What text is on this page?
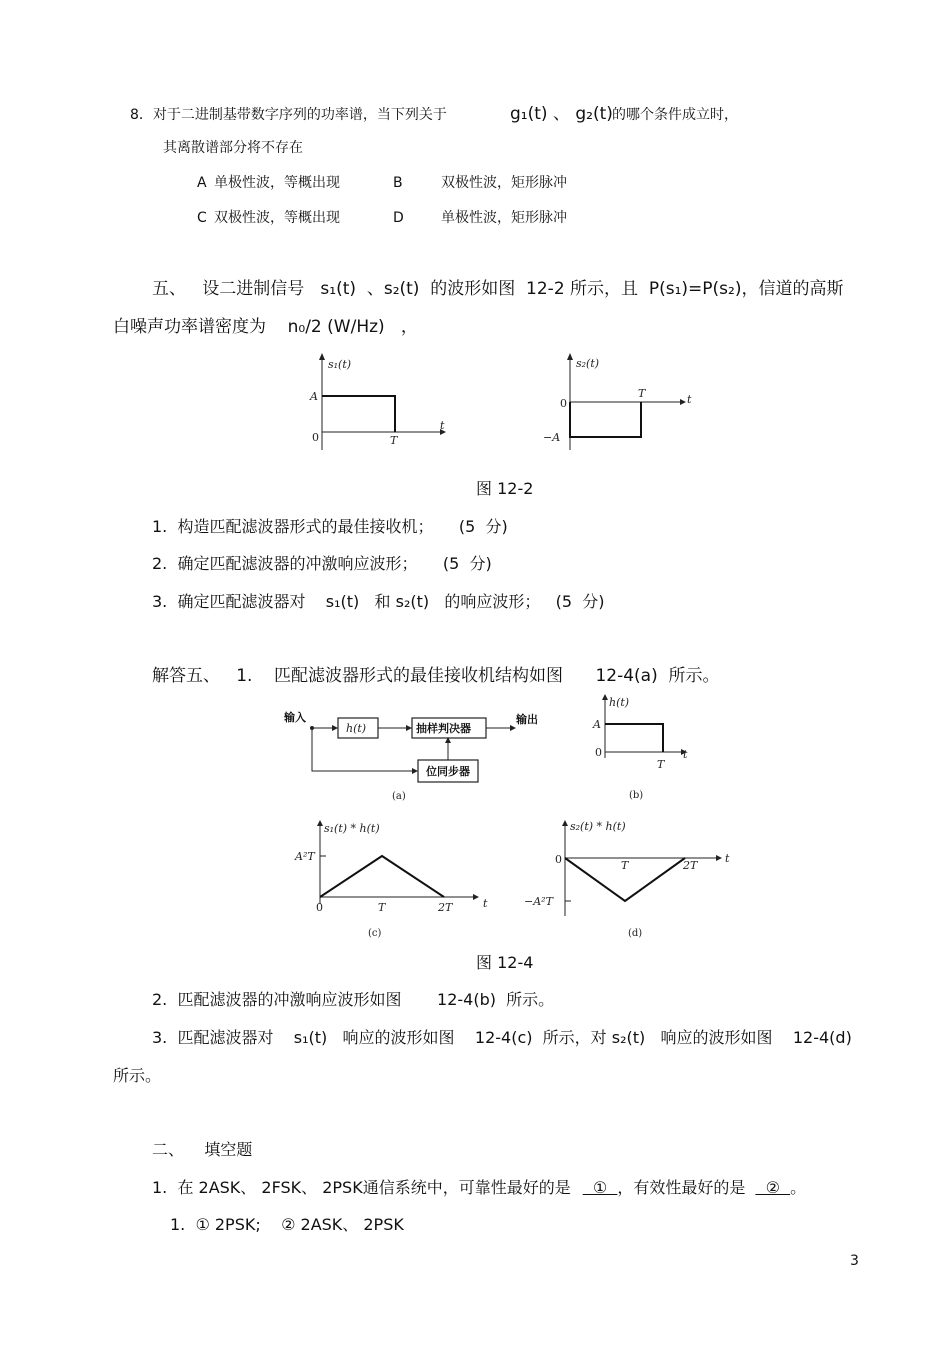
8．对于二进制基带数字序列的功率谱，当下列关于	g₁(t) 、 g₂(t) 的哪个条件成立时，
其离散谱部分将不存在
A 单极性波，等概出现	B	双极性波，矩形脉冲
C 双极性波，等概出现	D	单极性波，矩形脉冲
五、   设二进制信号   s₁(t)  、s₂(t)  的波形如图  12-2 所示，且  P(s₁)=P(s₂)，信道的高斯
白噪声功率谱密度为    n₀/2 (W/Hz)   ，
s₁(t)
A
0	T
t
s₂(t)
0
−A
T	t
图 12-2
1.  构造匹配滤波器形式的最佳接收机；     (5  分)
2.  确定匹配滤波器的冲激响应波形；     (5  分)
3.  确定匹配滤波器对    s₁(t)   和 s₂(t)   的响应波形；   (5  分)
解答五、   1.    匹配滤波器形式的最佳接收机结构如图      12-4(a)  所示。
输入
h(t)	抽样判决器
输出
位同步器
(a)
h(t)
A
0
T
t
(b)
s₁(t) * h(t)
A²T
0	T	2T	t
(c)
s₂(t) * h(t)
0	T	2T
t
−A²T
(d)
图 12-4
2.  匹配滤波器的冲激响应波形如图       12-4(b)  所示。
3.  匹配滤波器对    s₁(t)   响应的波形如图    12-4(c)  所示，对 s₂(t)   响应的波形如图    12-4(d)
所示。
二、    填空题
1.  在 2ASK、 2FSK、 2PSK通信系统中，可靠性最好的是  ①  ，有效性最好的是  ②  。
1.  ① 2PSK;    ② 2ASK、 2PSK
3
